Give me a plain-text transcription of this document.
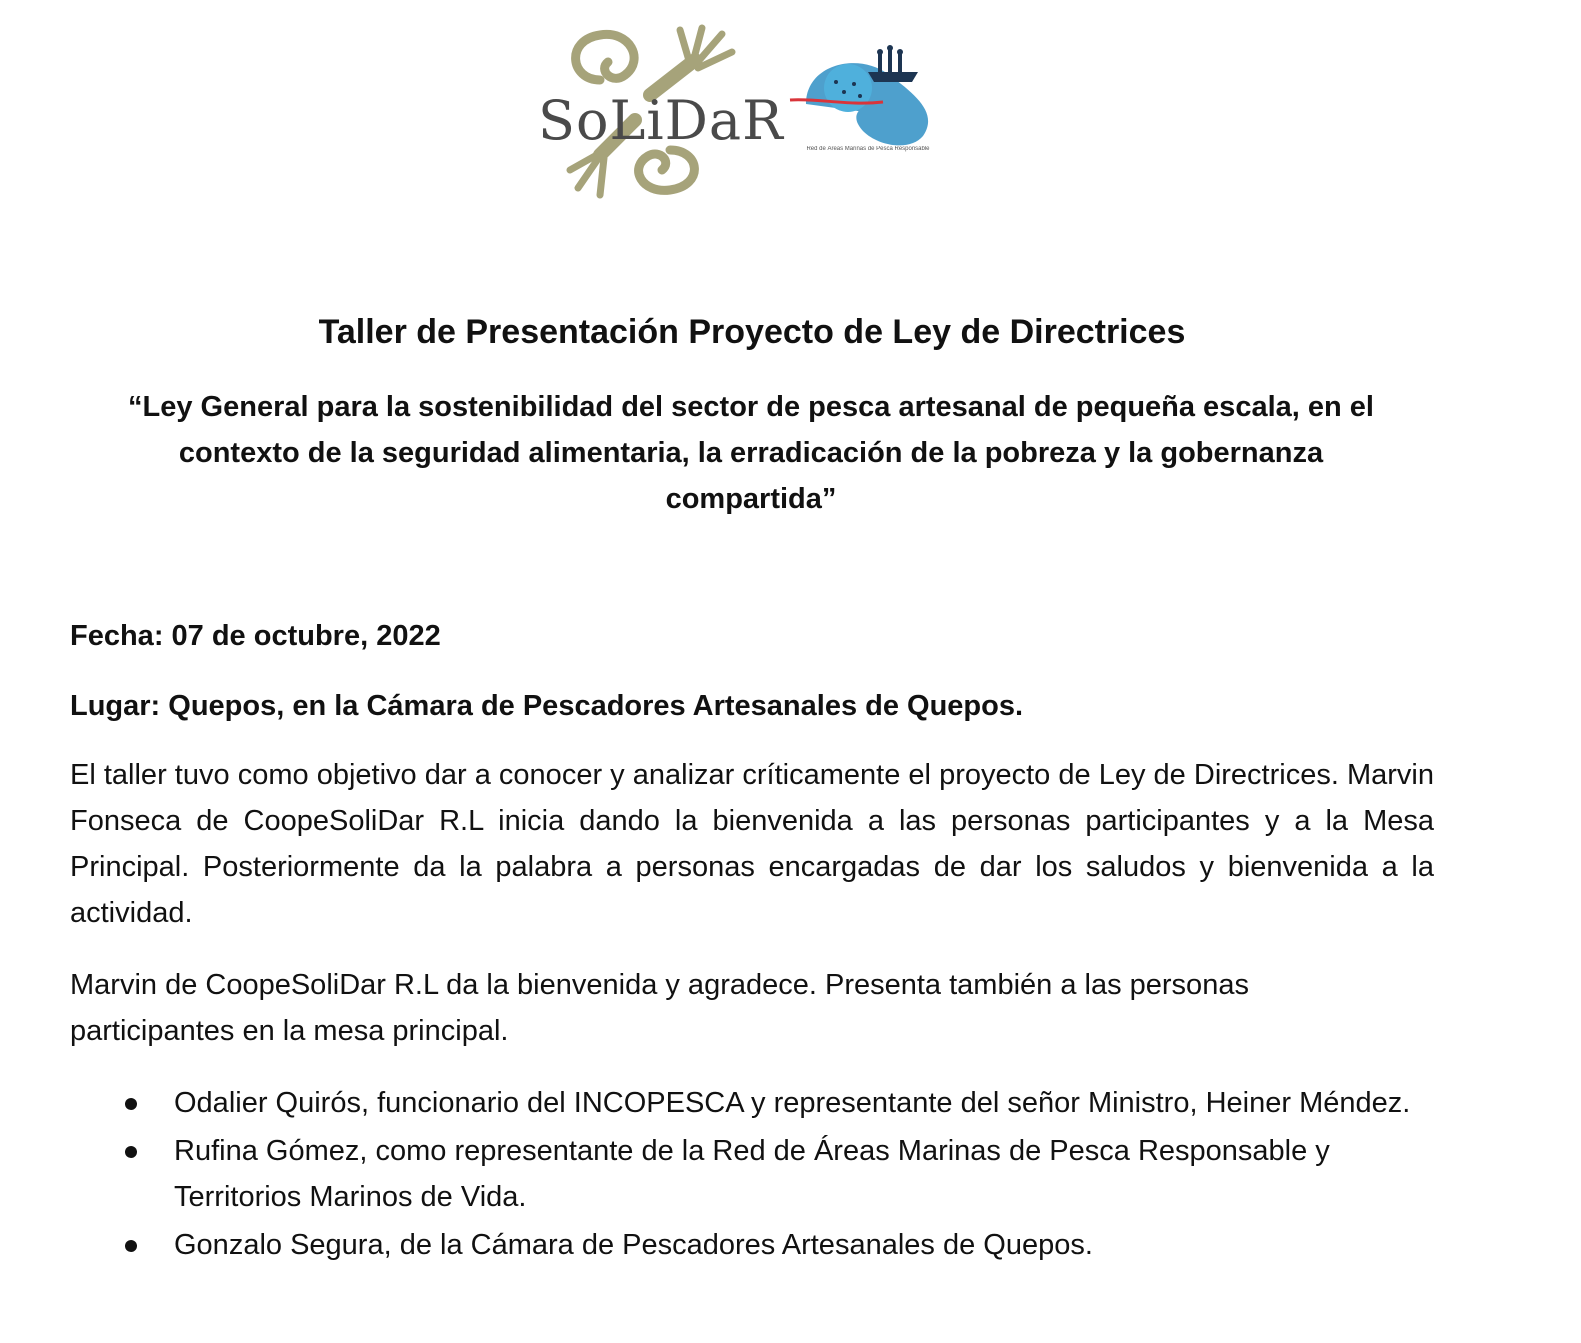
SoLiDaR	Red de Áreas Marinas de Pesca Responsable
Taller de Presentación Proyecto de Ley de Directrices
“Ley General para la sostenibilidad del sector de pesca artesanal de pequeña escala, en el contexto de la seguridad alimentaria, la erradicación de la pobreza y la gobernanza compartida”
Fecha: 07 de octubre, 2022
Lugar: Quepos, en la Cámara de Pescadores Artesanales de Quepos.
El taller tuvo como objetivo dar a conocer y analizar críticamente el proyecto de Ley de Directrices. Marvin Fonseca de CoopeSoliDar R.L inicia dando la bienvenida a las personas participantes y a la Mesa Principal. Posteriormente da la palabra a personas encargadas de dar los saludos y bienvenida a la actividad.
Marvin de CoopeSoliDar R.L da la bienvenida y agradece. Presenta también a las personas participantes en la mesa principal.
Odalier Quirós, funcionario del INCOPESCA y representante del señor Ministro, Heiner Méndez.
Rufina Gómez, como representante de la Red de Áreas Marinas de Pesca Responsable y Territorios Marinos de Vida.
Gonzalo Segura, de la Cámara de Pescadores Artesanales de Quepos.
